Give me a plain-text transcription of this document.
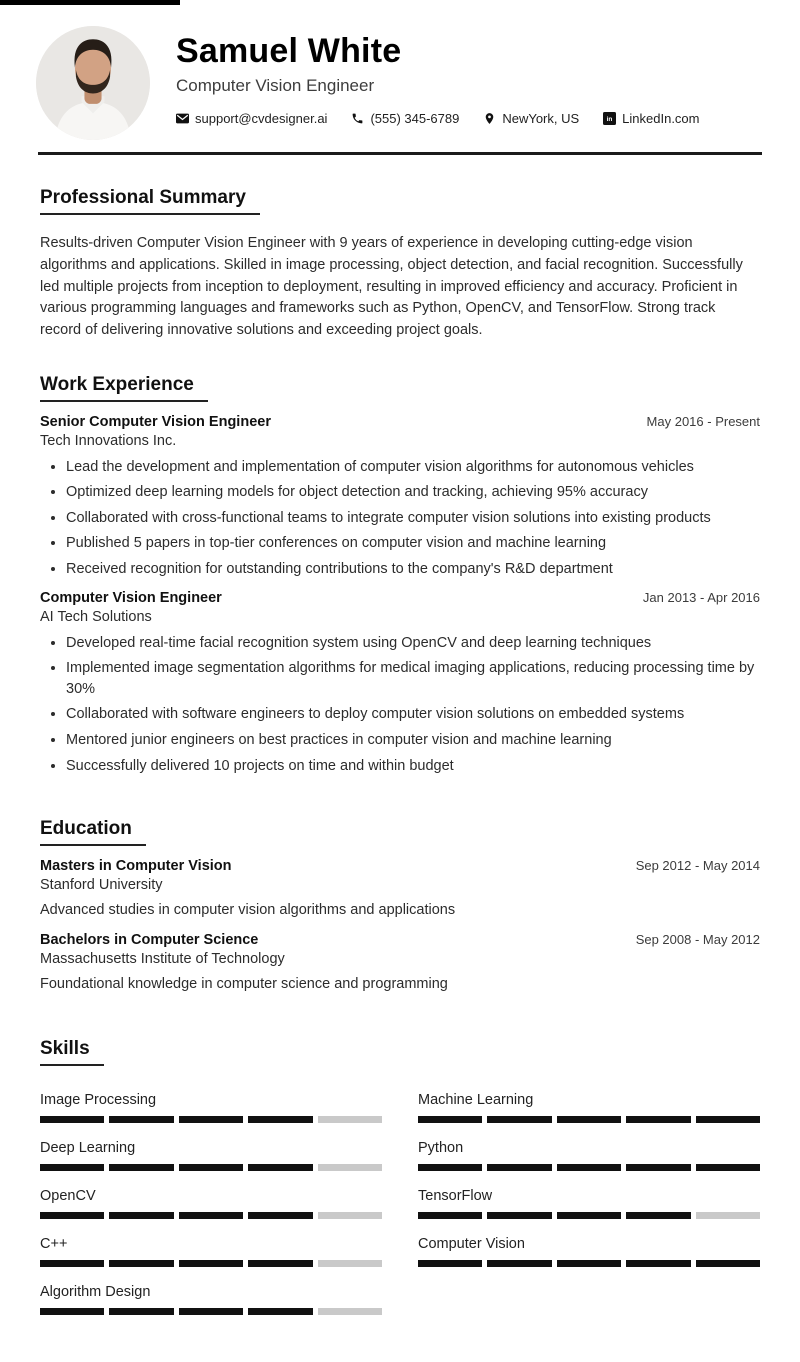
Samuel White
Computer Vision Engineer
support@cvdesigner.ai	(555) 345-6789	NewYork, US in LinkedIn.com
Professional Summary

Results-driven Computer Vision Engineer with 9 years of experience in developing cutting-edge vision algorithms and applications. Skilled in image processing, object detection, and facial recognition. Successfully led multiple projects from inception to deployment, resulting in improved efficiency and accuracy. Proficient in various programming languages and frameworks such as Python, OpenCV, and TensorFlow. Strong track record of delivering innovative solutions and exceeding project goals.

Work Experience
Senior Computer Vision Engineer	May 2016 - Present
Tech Innovations Inc.
• Lead the development and implementation of computer vision algorithms for autonomous vehicles
• Optimized deep learning models for object detection and tracking, achieving 95% accuracy
• Collaborated with cross-functional teams to integrate computer vision solutions into existing products
• Published 5 papers in top-tier conferences on computer vision and machine learning
• Received recognition for outstanding contributions to the company's R&D department
Computer Vision Engineer	Jan 2013 - Apr 2016
AI Tech Solutions
• Developed real-time facial recognition system using OpenCV and deep learning techniques
• Implemented image segmentation algorithms for medical imaging applications, reducing processing time by 30%
• Collaborated with software engineers to deploy computer vision solutions on embedded systems
• Mentored junior engineers on best practices in computer vision and machine learning
• Successfully delivered 10 projects on time and within budget
Education
Masters in Computer Vision	Sep 2012 - May 2014
Stanford University
Advanced studies in computer vision algorithms and applications
Bachelors in Computer Science	Sep 2008 - May 2012
Massachusetts Institute of Technology
Foundational knowledge in computer science and programming
Skills
Image Processing
Deep Learning
OpenCV
C++
Algorithm Design
Machine Learning
Python
TensorFlow
Computer Vision
